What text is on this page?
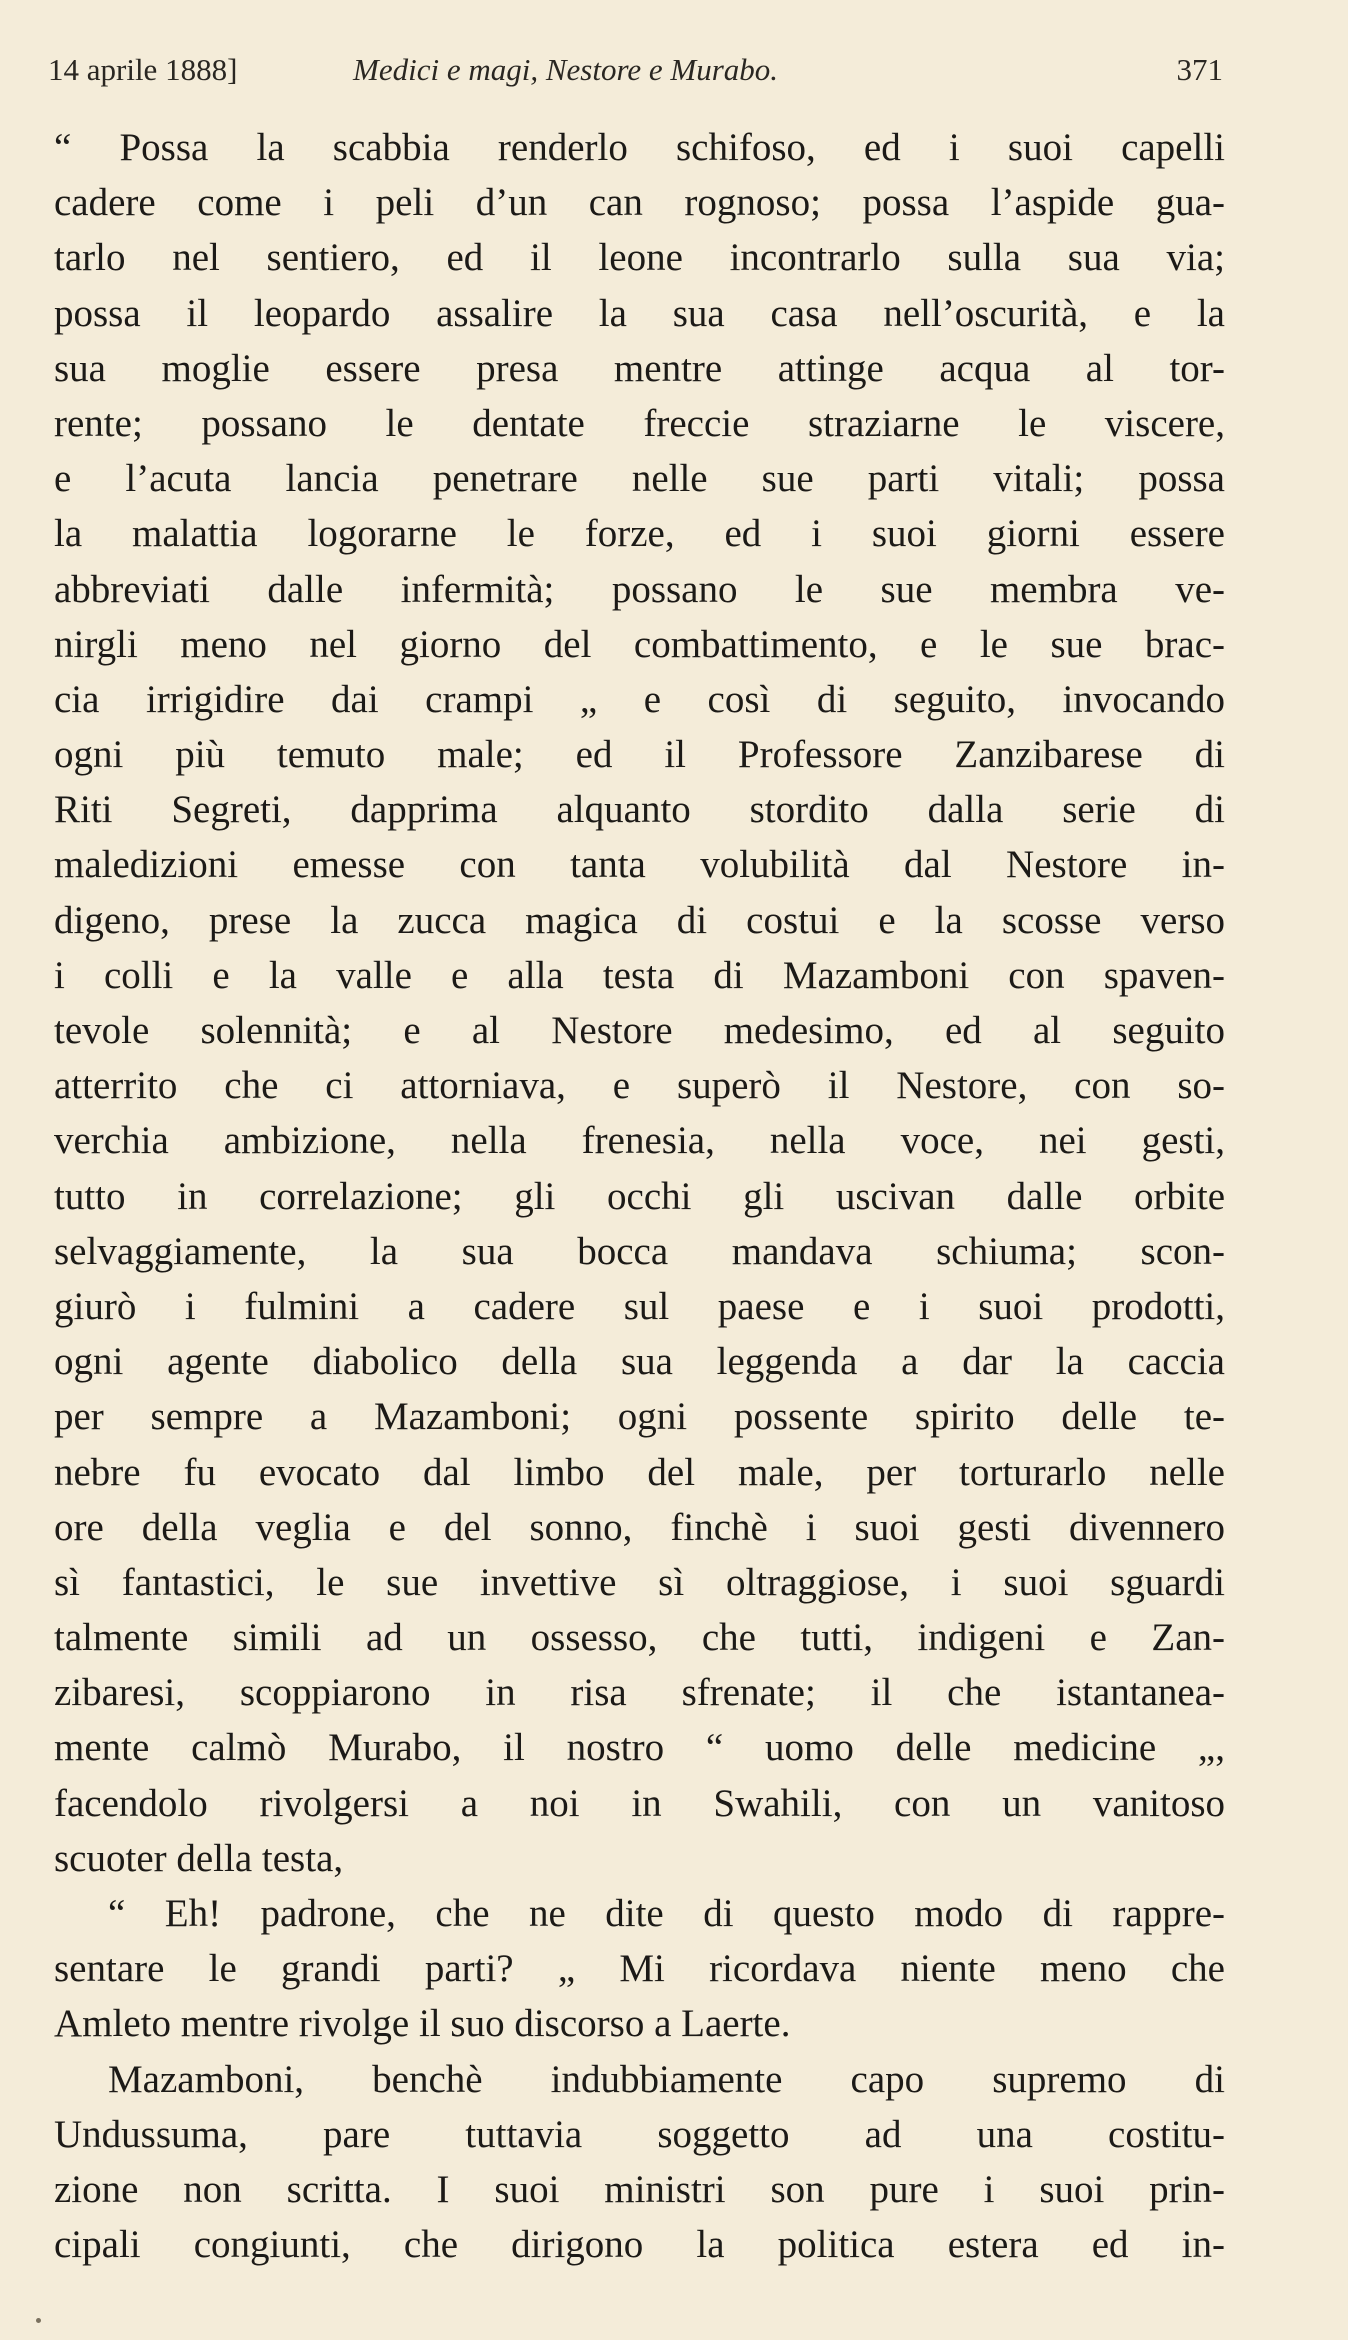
14 aprile 1888]	Medici e magi, Nestore e Murabo.	371
“ Possa la scabbia renderlo schifoso, ed i suoi capelli
cadere come i peli d’un can rognoso; possa l’aspide gua-
tarlo nel sentiero, ed il leone incontrarlo sulla sua via;
possa il leopardo assalire la sua casa nell’oscurità, e la
sua moglie essere presa mentre attinge acqua al tor-
rente; possano le dentate freccie straziarne le viscere,
e l’acuta lancia penetrare nelle sue parti vitali; possa
la malattia logorarne le forze, ed i suoi giorni essere
abbreviati dalle infermità; possano le sue membra ve-
nirgli meno nel giorno del combattimento, e le sue brac-
cia irrigidire dai crampi „ e così di seguito, invocando
ogni più temuto male; ed il Professore Zanzibarese di
Riti Segreti, dapprima alquanto stordito dalla serie di
maledizioni emesse con tanta volubilità dal Nestore in-
digeno, prese la zucca magica di costui e la scosse verso
i colli e la valle e alla testa di Mazamboni con spaven-
tevole solennità; e al Nestore medesimo, ed al seguito
atterrito che ci attorniava, e superò il Nestore, con so-
verchia ambizione, nella frenesia, nella voce, nei gesti,
tutto in correlazione; gli occhi gli uscivan dalle orbite
selvaggiamente, la sua bocca mandava schiuma; scon-
giurò i fulmini a cadere sul paese e i suoi prodotti,
ogni agente diabolico della sua leggenda a dar la caccia
per sempre a Mazamboni; ogni possente spirito delle te-
nebre fu evocato dal limbo del male, per torturarlo nelle
ore della veglia e del sonno, finchè i suoi gesti divennero
sì fantastici, le sue invettive sì oltraggiose, i suoi sguardi
talmente simili ad un ossesso, che tutti, indigeni e Zan-
zibaresi, scoppiarono in risa sfrenate; il che istantanea-
mente calmò Murabo, il nostro “ uomo delle medicine „,
facendolo rivolgersi a noi in Swahili, con un vanitoso
scuoter della testa,
“ Eh! padrone, che ne dite di questo modo di rappre-
sentare le grandi parti? „ Mi ricordava niente meno che
Amleto mentre rivolge il suo discorso a Laerte.
Mazamboni, benchè indubbiamente capo supremo di
Undussuma, pare tuttavia soggetto ad una costitu-
zione non scritta. I suoi ministri son pure i suoi prin-
cipali congiunti, che dirigono la politica estera ed in-
